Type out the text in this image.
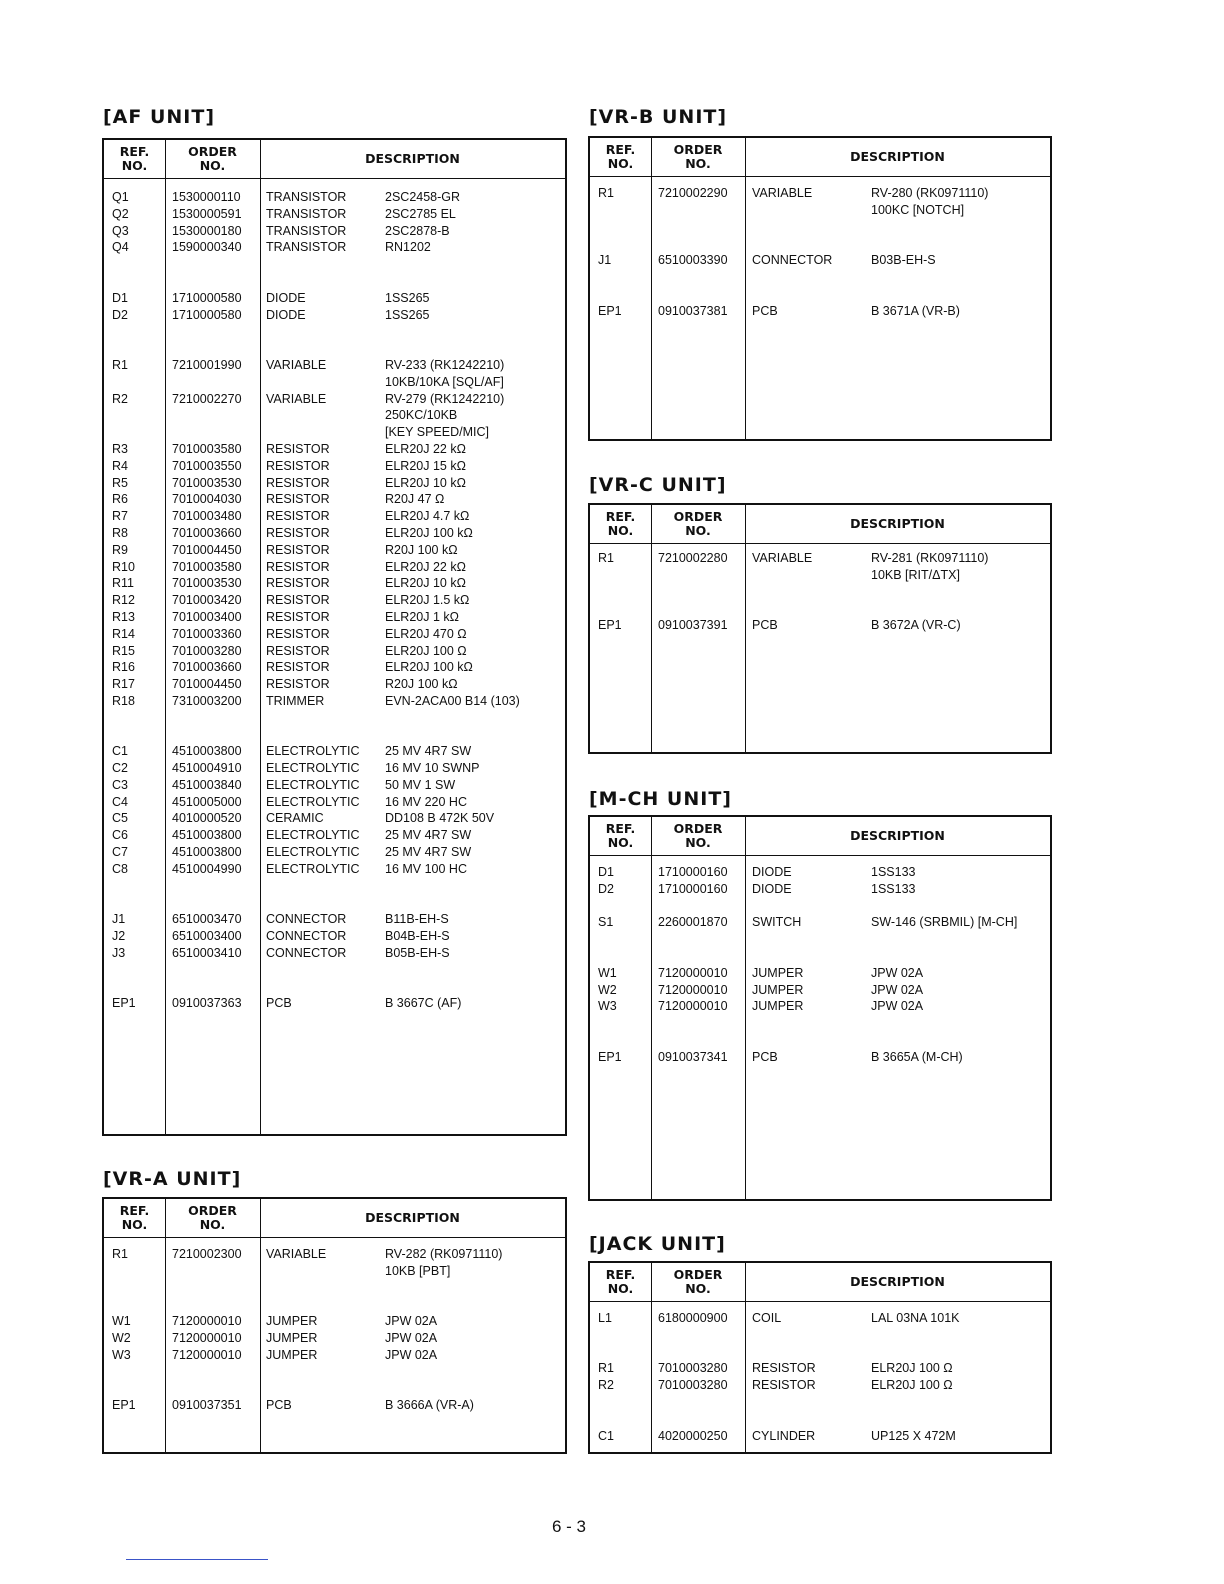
[AF UNIT]
REF.
NO.
ORDER
NO.	DESCRIPTION
Q1	1530000110 TRANSISTOR	2SC2458-GR
Q2	1530000591 TRANSISTOR	2SC2785 EL
Q3	1530000180 TRANSISTOR	2SC2878-B
Q4	1590000340 TRANSISTOR	RN1202
D1	1710000580 DIODE	1SS265
D2	1710000580 DIODE	1SS265
R1	7210001990 VARIABLE	RV-233 (RK1242210)
10KB/10KA [SQL/AF]
R2	7210002270 VARIABLE	RV-279 (RK1242210)
250KC/10KB
[KEY SPEED/MIC]
R3	7010003580 RESISTOR	ELR20J 22 kΩ
R4	7010003550 RESISTOR	ELR20J 15 kΩ
R5	7010003530 RESISTOR	ELR20J 10 kΩ
R6	7010004030 RESISTOR	R20J 47 Ω
R7	7010003480 RESISTOR	ELR20J 4.7 kΩ
R8	7010003660 RESISTOR	ELR20J 100 kΩ
R9	7010004450 RESISTOR	R20J 100 kΩ
R10	7010003580 RESISTOR	ELR20J 22 kΩ
R11	7010003530 RESISTOR	ELR20J 10 kΩ
R12	7010003420 RESISTOR	ELR20J 1.5 kΩ
R13	7010003400 RESISTOR	ELR20J 1 kΩ
R14	7010003360 RESISTOR	ELR20J 470 Ω
R15	7010003280 RESISTOR	ELR20J 100 Ω
R16	7010003660 RESISTOR	ELR20J 100 kΩ
R17	7010004450 RESISTOR	R20J 100 kΩ
R18	7310003200 TRIMMER	EVN-2ACA00 B14 (103)
C1	4510003800 ELECTROLYTIC 25 MV 4R7 SW
C2	4510004910 ELECTROLYTIC 16 MV 10 SWNP
C3	4510003840 ELECTROLYTIC 50 MV 1 SW
C4	4510005000 ELECTROLYTIC 16 MV 220 HC
C5	4010000520 CERAMIC	DD108 B 472K 50V
C6	4510003800 ELECTROLYTIC 25 MV 4R7 SW
C7	4510003800 ELECTROLYTIC 25 MV 4R7 SW
C8	4510004990 ELECTROLYTIC 16 MV 100 HC
J1	6510003470 CONNECTOR	B11B-EH-S
J2	6510003400 CONNECTOR	B04B-EH-S
J3	6510003410 CONNECTOR	B05B-EH-S
EP1	0910037363 PCB	B 3667C (AF)
[VR-A UNIT]
REF.
NO.
ORDER
NO.	DESCRIPTION
R1	7210002300 VARIABLE	RV-282 (RK0971110)
10KB [PBT]
W1	7120000010 JUMPER	JPW 02A
W2	7120000010 JUMPER	JPW 02A
W3	7120000010 JUMPER	JPW 02A
EP1	0910037351 PCB	B 3666A (VR-A)
[VR-B UNIT]
REF.
NO.
ORDER
NO.	DESCRIPTION
R1	7210002290 VARIABLE	RV-280 (RK0971110)
100KC [NOTCH]
J1	6510003390 CONNECTOR	B03B-EH-S
EP1	0910037381 PCB	B 3671A (VR-B)
[VR-C UNIT]
REF.
NO.
ORDER
NO.	DESCRIPTION
R1	7210002280 VARIABLE	RV-281 (RK0971110)
10KB [RIT/ΔTX]
EP1	0910037391 PCB	B 3672A (VR-C)
[M-CH UNIT]
REF.
NO.
ORDER
NO.	DESCRIPTION
D1	1710000160 DIODE	1SS133
D2	1710000160 DIODE	1SS133
S1	2260001870 SWITCH	SW-146 (SRBMIL) [M-CH]
W1	7120000010 JUMPER	JPW 02A
W2	7120000010 JUMPER	JPW 02A
W3	7120000010 JUMPER	JPW 02A
EP1	0910037341 PCB	B 3665A (M-CH)
[JACK UNIT]
REF.
NO.
ORDER
NO.	DESCRIPTION
L1	6180000900 COIL	LAL 03NA 101K
R1	7010003280 RESISTOR	ELR20J 100 Ω
R2	7010003280 RESISTOR	ELR20J 100 Ω
C1	4020000250 CYLINDER	UP125 X 472M
6 - 3
